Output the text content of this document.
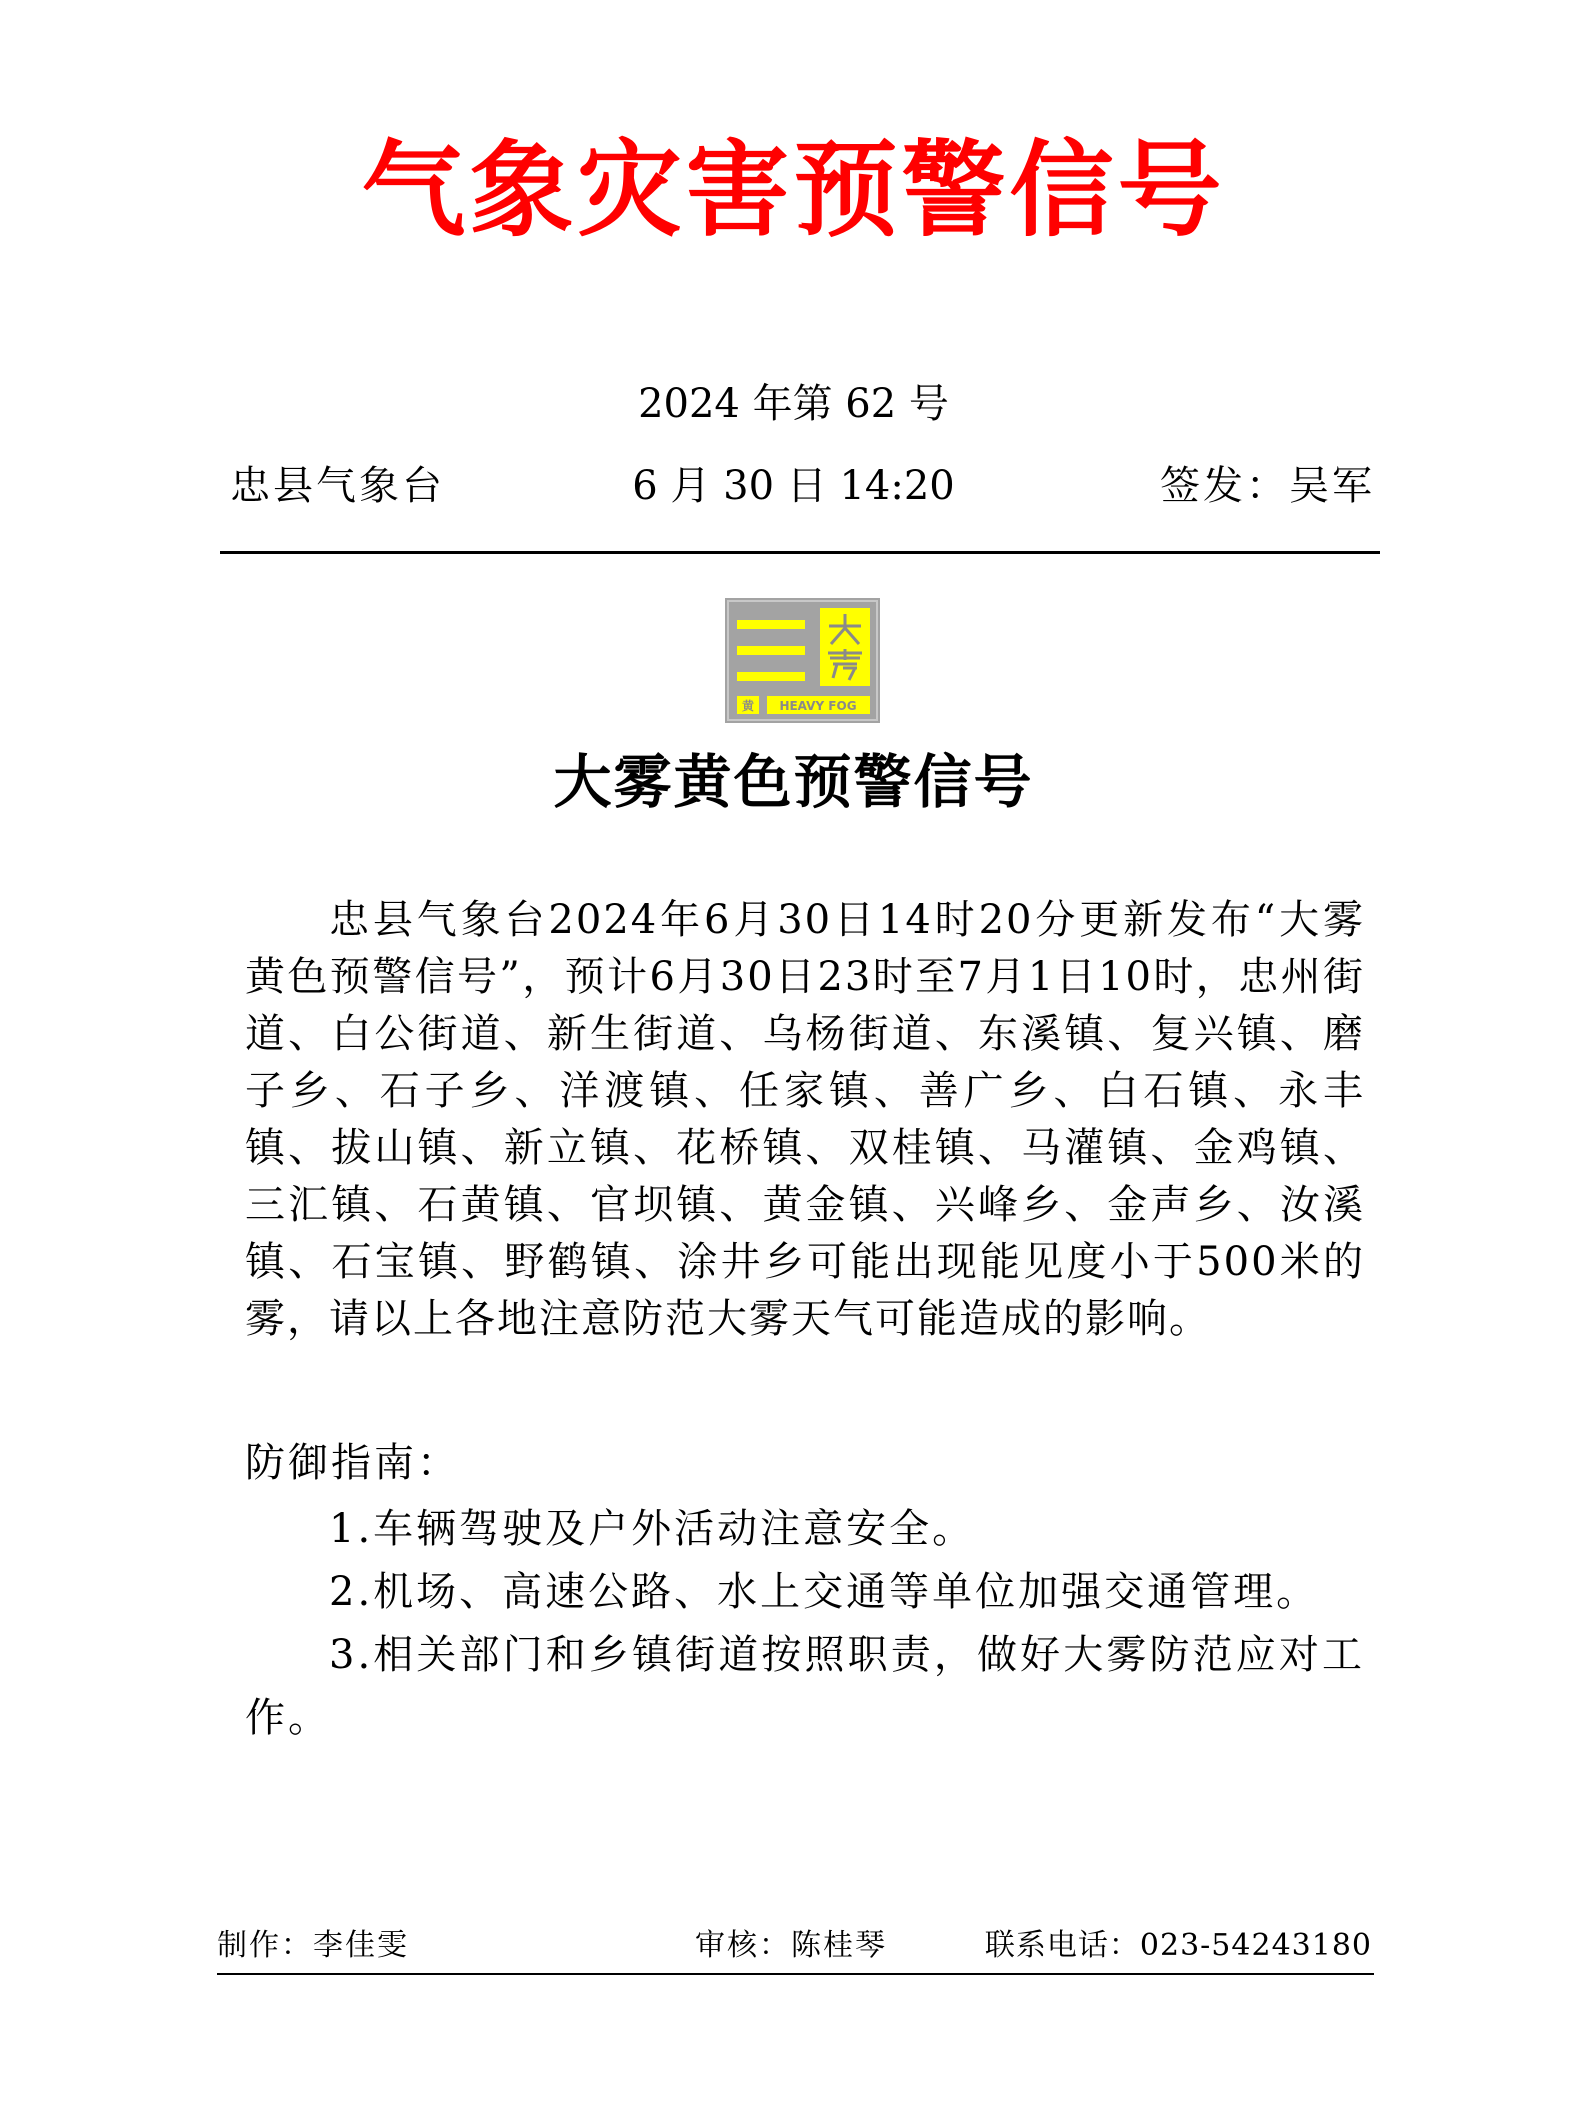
气象灾害预警信号
2024 年第 62 号
忠县气象台	6 月 30 日 14:20	签发：吴军
黄 HEAVY FOG
大雾黄色预警信号
忠县气象台2024年6月30日14时20分更新发布“大雾黄色预警信号”，预计6月30日23时至7月1日10时，忠州街道、白公街道、新生街道、乌杨街道、东溪镇、复兴镇、磨子乡、石子乡、洋渡镇、任家镇、善广乡、白石镇、永丰镇、拔山镇、新立镇、花桥镇、双桂镇、马灌镇、金鸡镇、三汇镇、石黄镇、官坝镇、黄金镇、兴峰乡、金声乡、汝溪镇、石宝镇、野鹤镇、涂井乡可能出现能见度小于500米的雾，请以上各地注意防范大雾天气可能造成的影响。
防御指南：
1.车辆驾驶及户外活动注意安全。
2.机场、高速公路、水上交通等单位加强交通管理。
3.相关部门和乡镇街道按照职责，做好大雾防范应对工作。
制作：李佳雯	审核：陈桂琴	联系电话：023-54243180
